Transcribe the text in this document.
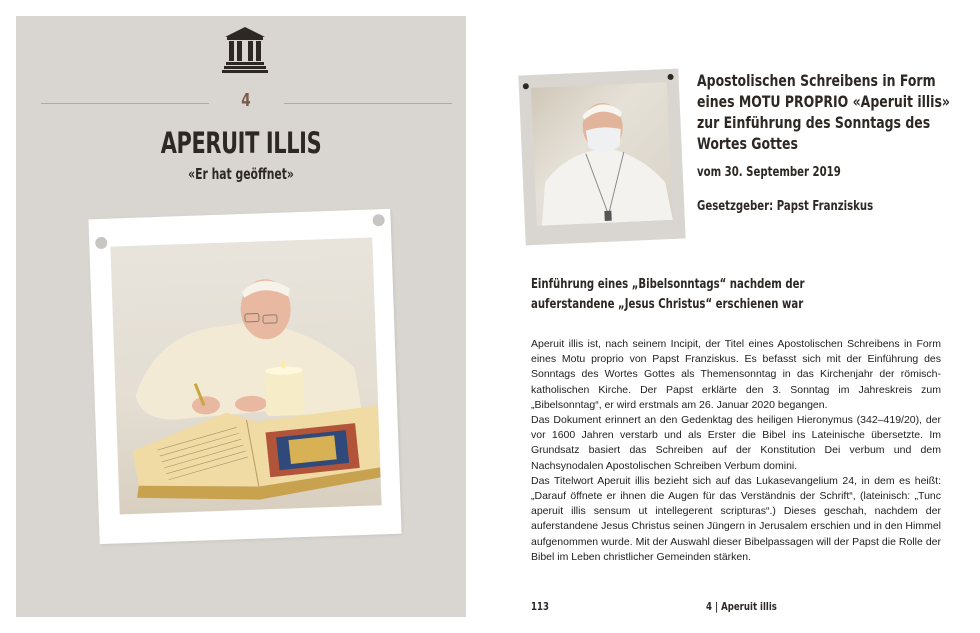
4
APERUIT ILLIS
«Er hat geöffnet»
Apostolischen Schreibens in Form eines MOTU PROPRIO «Aperuit illis» zur Einführung des Sonntags des Wortes Gottes
vom 30. September 2019
Gesetzgeber: Papst Franziskus
Einführung eines „Bibelsonntags“ nachdem der auferstandene „Jesus Christus“ erschienen war

Aperuit illis ist, nach seinem Incipit, der Titel eines Apostolischen Schreibens in Form eines Motu proprio von Papst Franziskus. Es befasst sich mit der Einführung des Sonntags des Wortes Gottes als Themensonntag in das Kirchenjahr der römisch-katholischen Kirche. Der Papst erklärte den 3. Sonntag im Jahreskreis zum „Bibelsonntag“, er wird erstmals am 26. Januar 2020 begangen.

Das Dokument erinnert an den Gedenktag des heiligen Hieronymus (342–419/20), der vor 1600 Jahren verstarb und als Erster die Bibel ins Lateinische übersetzte. Im Grundsatz basiert das Schreiben auf der Konstitution Dei verbum und dem Nachsynodalen Apostolischen Schreiben Verbum domini.

Das Titelwort Aperuit illis bezieht sich auf das Lukasevangelium 24, in dem es heißt: „Darauf öffnete er ihnen die Augen für das Verständnis der Schrift“, (lateinisch: „Tunc aperuit illis sensum ut intellegerent scripturas“.) Dieses geschah, nachdem der auferstandene Jesus Christus seinen Jüngern in Jerusalem erschien und in den Himmel aufgenommen wurde. Mit der Auswahl dieser Bibelpassagen will der Papst die Rolle der Bibel im Leben christlicher Gemeinden stärken.

113	4 | Aperuit illis
